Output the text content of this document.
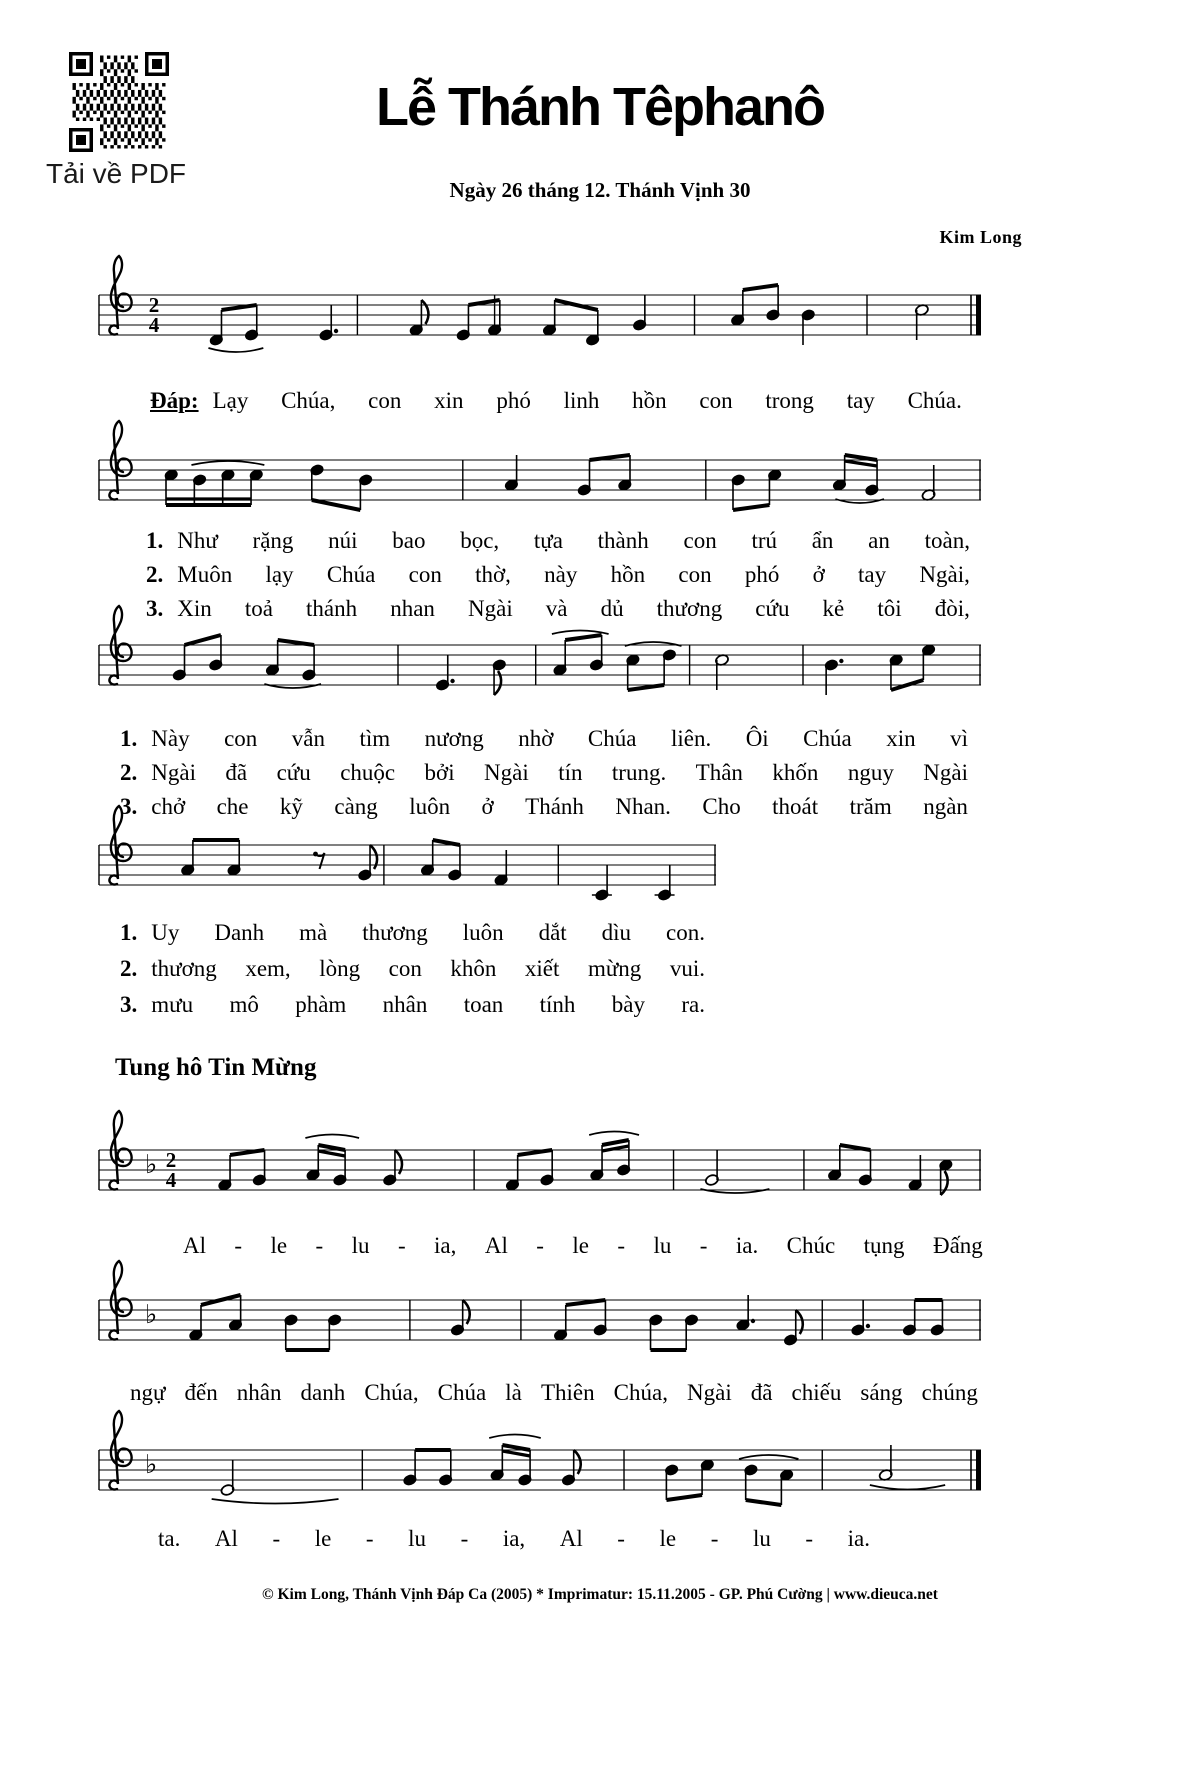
Tải về PDF
Lễ Thánh Têphanô
Ngày 26 tháng 12. Thánh Vịnh 30
Kim Long
2
4
Đáp: Lạy Chúa, con xin phó linh hồn con trong tay Chúa.
1. Như rặng núi bao bọc, tựa thành con trú ẩn an toàn,
2. Muôn lạy Chúa con thờ, này hồn con phó ở tay Ngài,
3. Xin toả thánh nhan Ngài và dủ thương cứu kẻ tôi đòi,
1. Này con vẫn tìm nương nhờ Chúa liên. Ôi Chúa xin vì
2. Ngài đã cứu chuộc bởi Ngài tín trung. Thân khốn nguy Ngài
3. chở che kỹ càng luôn ở Thánh Nhan. Cho thoát trăm ngàn
1. Uy Danh mà thương luôn dắt dìu con.
2. thương xem, lòng con khôn xiết mừng vui.
3. mưu mô phàm nhân toan tính bày ra.
Tung hô Tin Mừng
♭ 2
4
Al - le - lu - ia, Al - le - lu - ia. Chúc tụng Đấng
♭
ngự đến nhân danh Chúa, Chúa là Thiên Chúa, Ngài đã chiếu sáng chúng
♭
ta. Al - le - lu - ia, Al - le - lu - ia.
© Kim Long, Thánh Vịnh Đáp Ca (2005) * Imprimatur: 15.11.2005 - GP. Phú Cường | www.dieuca.net
